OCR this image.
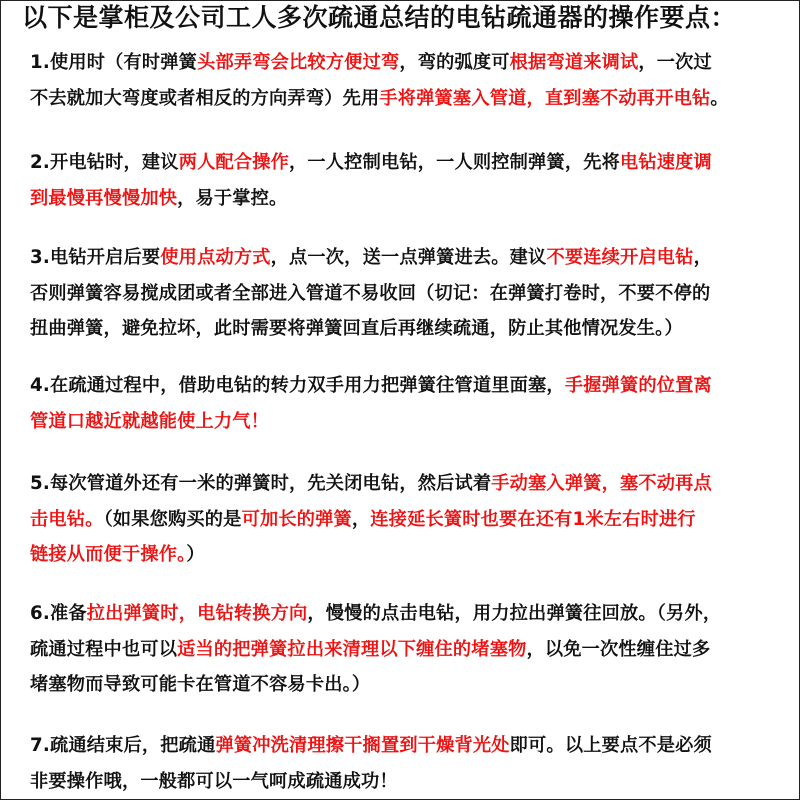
以下是掌柜及公司工人多次疏通总结的电钻疏通器的操作要点：
1.使用时（有时弹簧头部弄弯会比较方便过弯，弯的弧度可根据弯道来调试，一次过
不去就加大弯度或者相反的方向弄弯）先用手将弹簧塞入管道，直到塞不动再开电钻。
2.开电钻时，建议两人配合操作，一人控制电钻，一人则控制弹簧，先将电钻速度调
到最慢再慢慢加快，易于掌控。
3.电钻开启后要使用点动方式，点一次，送一点弹簧进去。建议不要连续开启电钻，
否则弹簧容易搅成团或者全部进入管道不易收回（切记：在弹簧打卷时，不要不停的
扭曲弹簧，避免拉坏，此时需要将弹簧回直后再继续疏通，防止其他情况发生。）
4.在疏通过程中，借助电钻的转力双手用力把弹簧往管道里面塞，手握弹簧的位置离
管道口越近就越能使上力气！
5.每次管道外还有一米的弹簧时，先关闭电钻，然后试着手动塞入弹簧，塞不动再点
击电钻。（如果您购买的是可加长的弹簧，连接延长簧时也要在还有1米左右时进行
链接从而便于操作。）
6.准备拉出弹簧时，电钻转换方向，慢慢的点击电钻，用力拉出弹簧往回放。（另外，
疏通过程中也可以适当的把弹簧拉出来清理以下缠住的堵塞物，以免一次性缠住过多
堵塞物而导致可能卡在管道不容易卡出。）
7.疏通结束后，把疏通弹簧冲洗清理擦干搁置到干燥背光处即可。以上要点不是必须
非要操作哦，一般都可以一气呵成疏通成功！
